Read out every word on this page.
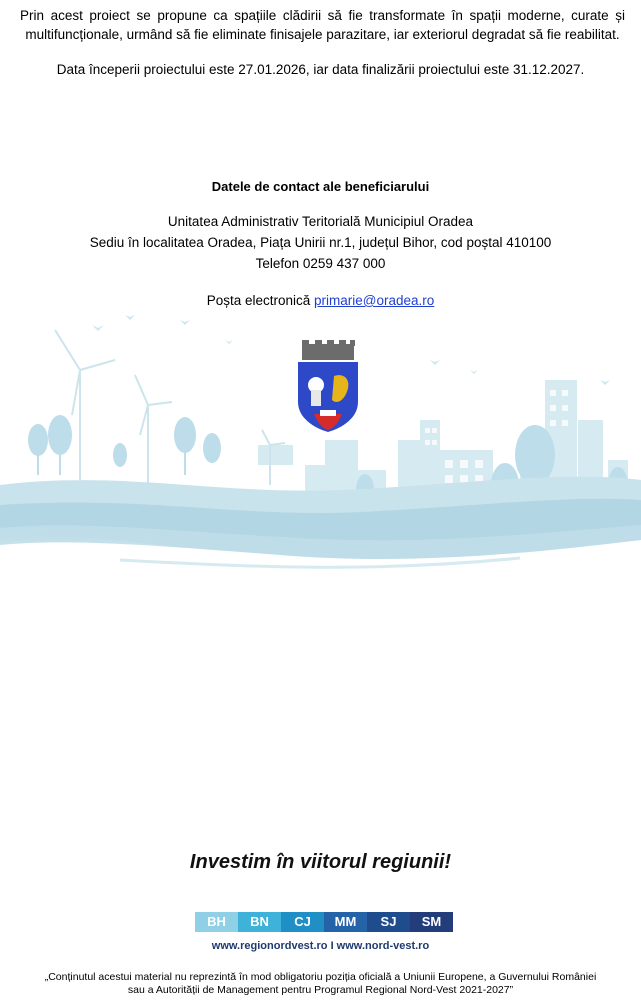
Prin acest proiect se propune ca spațiile clădirii să fie transformate în spații moderne, curate și multifuncționale, urmând să fie eliminate finisajele parazitare, iar exteriorul degradat să fie reabilitat.
Data începerii proiectului este 27.01.2026, iar data finalizării proiectului este 31.12.2027.
Datele de contact ale beneficiarului
Unitatea Administrativ Teritorială Municipiul Oradea
Sediu în localitatea Oradea, Piața Unirii nr.1, județul Bihor, cod poștal 410100
Telefon 0259 437 000
Poșta electronică primarie@oradea.ro
Investim în viitorul regiunii!
BH	BN	CJ	MM	SJ	SM
www.regionordvest.ro I www.nord-vest.ro
„Conținutul acestui material nu reprezintă în mod obligatoriu poziția oficială a Uniunii Europene, a Guvernului României sau a Autorității de Management pentru Programul Regional Nord-Vest 2021-2027”
